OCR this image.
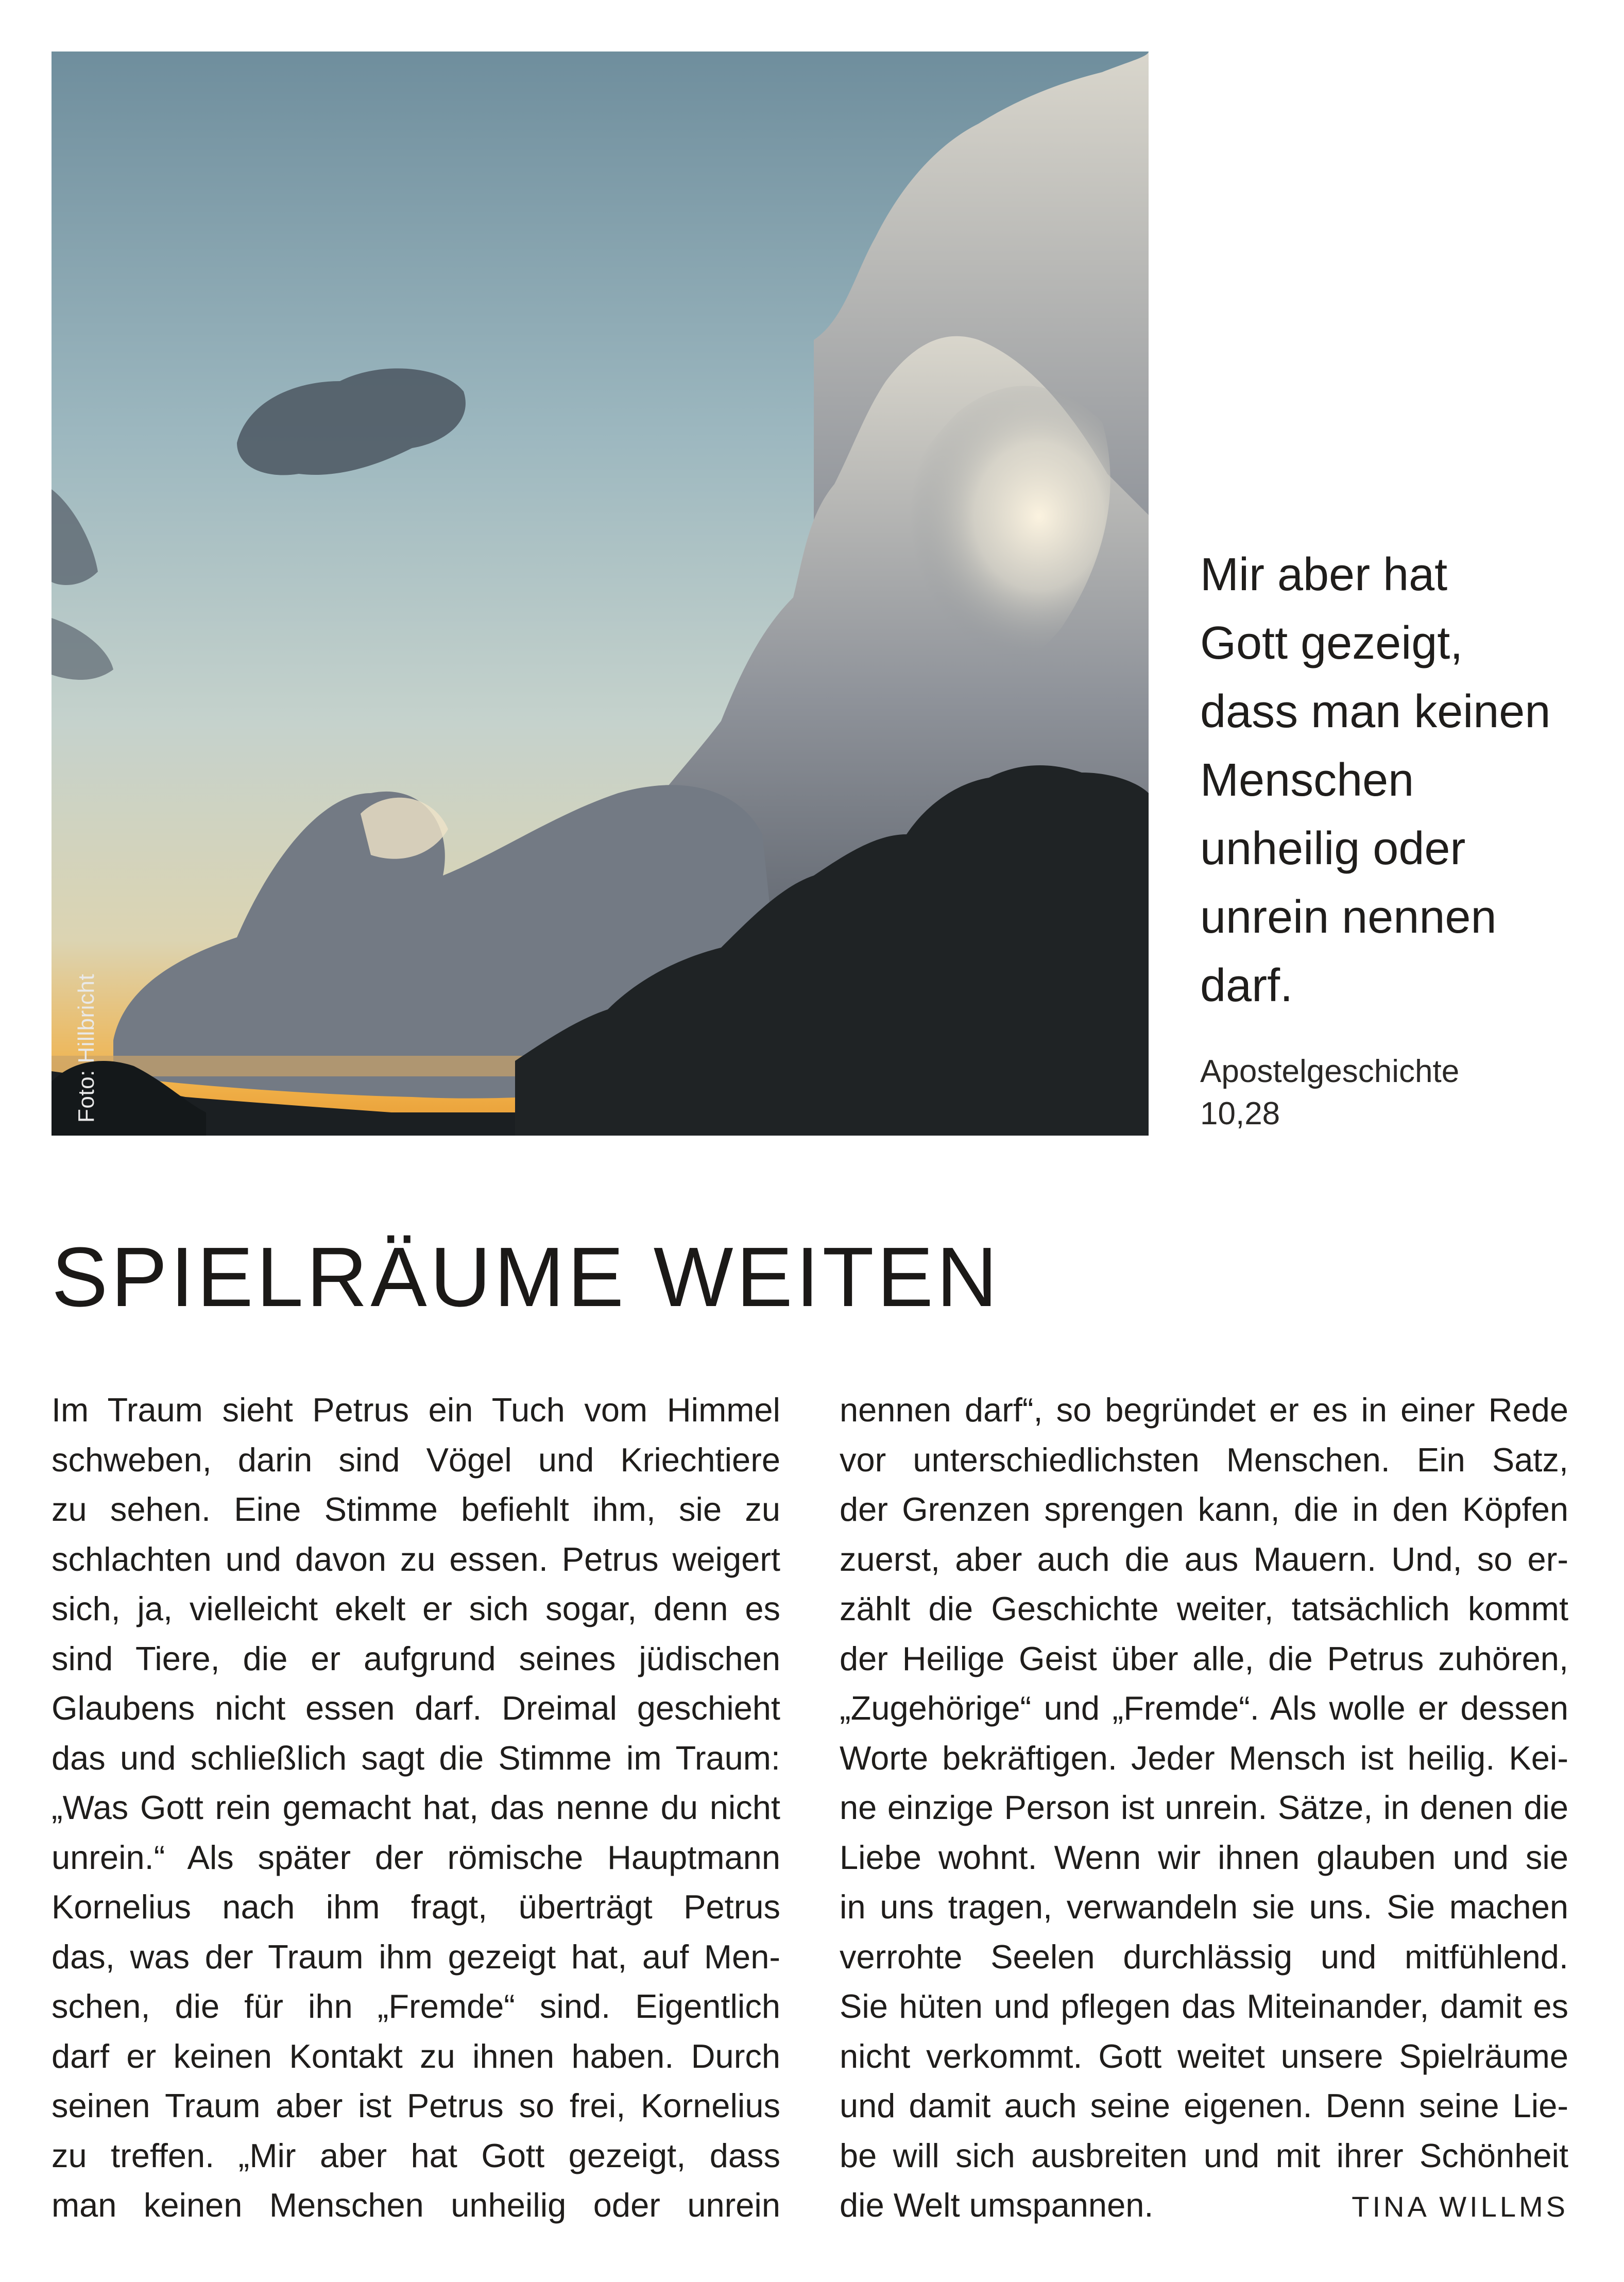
Foto: Hillbricht
Mir aber hat
Gott gezeigt,
dass man keinen
Menschen
unheilig oder
unrein nennen
darf.
Apostelgeschichte
10,28
SPIELRÄUME WEITEN
Im Traum sieht Petrus ein Tuch vom Himmel
schweben, darin sind Vögel und Kriechtiere
zu sehen. Eine Stimme befiehlt ihm, sie zu
schlachten und davon zu essen. Petrus weigert
sich, ja, vielleicht ekelt er sich sogar, denn es
sind Tiere, die er aufgrund seines jüdischen
Glaubens nicht essen darf. Dreimal geschieht
das und schließlich sagt die Stimme im Traum:
„Was Gott rein gemacht hat, das nenne du nicht
unrein.“ Als später der römische Hauptmann
Kornelius nach ihm fragt, überträgt Petrus
das, was der Traum ihm gezeigt hat, auf Men-
schen, die für ihn „Fremde“ sind. Eigentlich
darf er keinen Kontakt zu ihnen haben. Durch
seinen Traum aber ist Petrus so frei, Kornelius
zu treffen. „Mir aber hat Gott gezeigt, dass
man keinen Menschen unheilig oder unrein
nennen darf“, so begründet er es in einer Rede
vor unterschiedlichsten Menschen. Ein Satz,
der Grenzen sprengen kann, die in den Köpfen
zuerst, aber auch die aus Mauern. Und, so er-
zählt die Geschichte weiter, tatsächlich kommt
der Heilige Geist über alle, die Petrus zuhören,
„Zugehörige“ und „Fremde“. Als wolle er dessen
Worte bekräftigen. Jeder Mensch ist heilig. Kei-
ne einzige Person ist unrein. Sätze, in denen die
Liebe wohnt. Wenn wir ihnen glauben und sie
in uns tragen, verwandeln sie uns. Sie machen
verrohte Seelen durchlässig und mitfühlend.
Sie hüten und pflegen das Miteinander, damit es
nicht verkommt. Gott weitet unsere Spielräume
und damit auch seine eigenen. Denn seine Lie-
be will sich ausbreiten und mit ihrer Schönheit
die Welt umspannen.	TINA WILLMS
